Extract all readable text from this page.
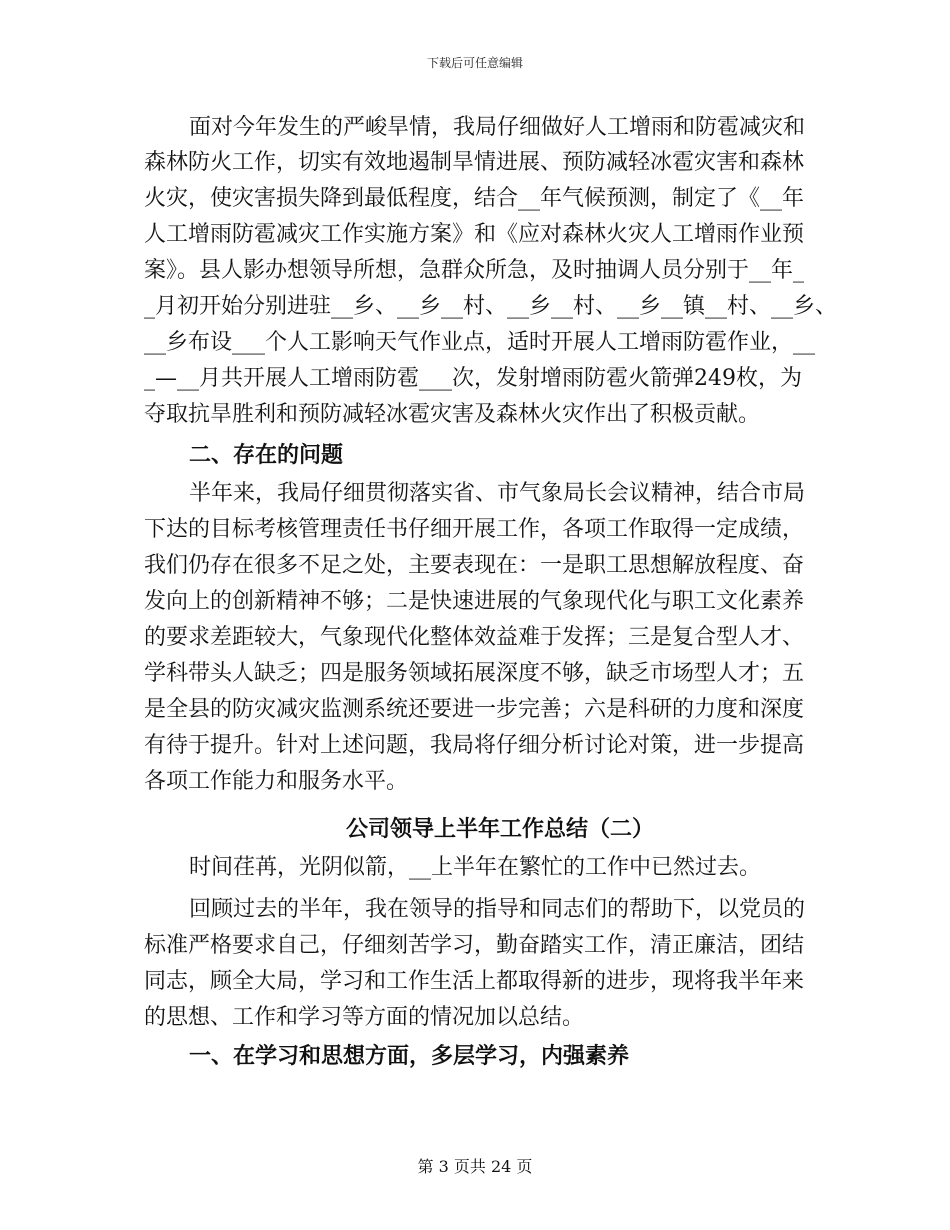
下载后可任意编辑
面对今年发生的严峻旱情，我局仔细做好人工增雨和防雹减灾和
森林防火工作，切实有效地遏制旱情进展、预防减轻冰雹灾害和森林
火灾，使灾害损失降到最低程度，结合__年气候预测，制定了《__年
人工增雨防雹减灾工作实施方案》和《应对森林火灾人工增雨作业预
案》。县人影办想领导所想，急群众所急，及时抽调人员分别于__年_
_月初开始分别进驻__乡、__乡__村、__乡__村、__乡__镇__村、__乡、
__乡布设___个人工影响天气作业点，适时开展人工增雨防雹作业，__
_—__月共开展人工增雨防雹___次，发射增雨防雹火箭弹249枚，为
夺取抗旱胜利和预防减轻冰雹灾害及森林火灾作出了积极贡献。
二、存在的问题
半年来，我局仔细贯彻落实省、市气象局长会议精神，结合市局
下达的目标考核管理责任书仔细开展工作，各项工作取得一定成绩，
我们仍存在很多不足之处，主要表现在：一是职工思想解放程度、奋
发向上的创新精神不够；二是快速进展的气象现代化与职工文化素养
的要求差距较大，气象现代化整体效益难于发挥；三是复合型人才、
学科带头人缺乏；四是服务领域拓展深度不够，缺乏市场型人才；五
是全县的防灾减灾监测系统还要进一步完善；六是科研的力度和深度
有待于提升。针对上述问题，我局将仔细分析讨论对策，进一步提高
各项工作能力和服务水平。
公司领导上半年工作总结（二）
时间荏苒，光阴似箭，__上半年在繁忙的工作中已然过去。
回顾过去的半年，我在领导的指导和同志们的帮助下，以党员的
标准严格要求自己，仔细刻苦学习，勤奋踏实工作，清正廉洁，团结
同志，顾全大局，学习和工作生活上都取得新的进步，现将我半年来
的思想、工作和学习等方面的情况加以总结。
一、在学习和思想方面，多层学习，内强素养
第 3 页共 24 页
